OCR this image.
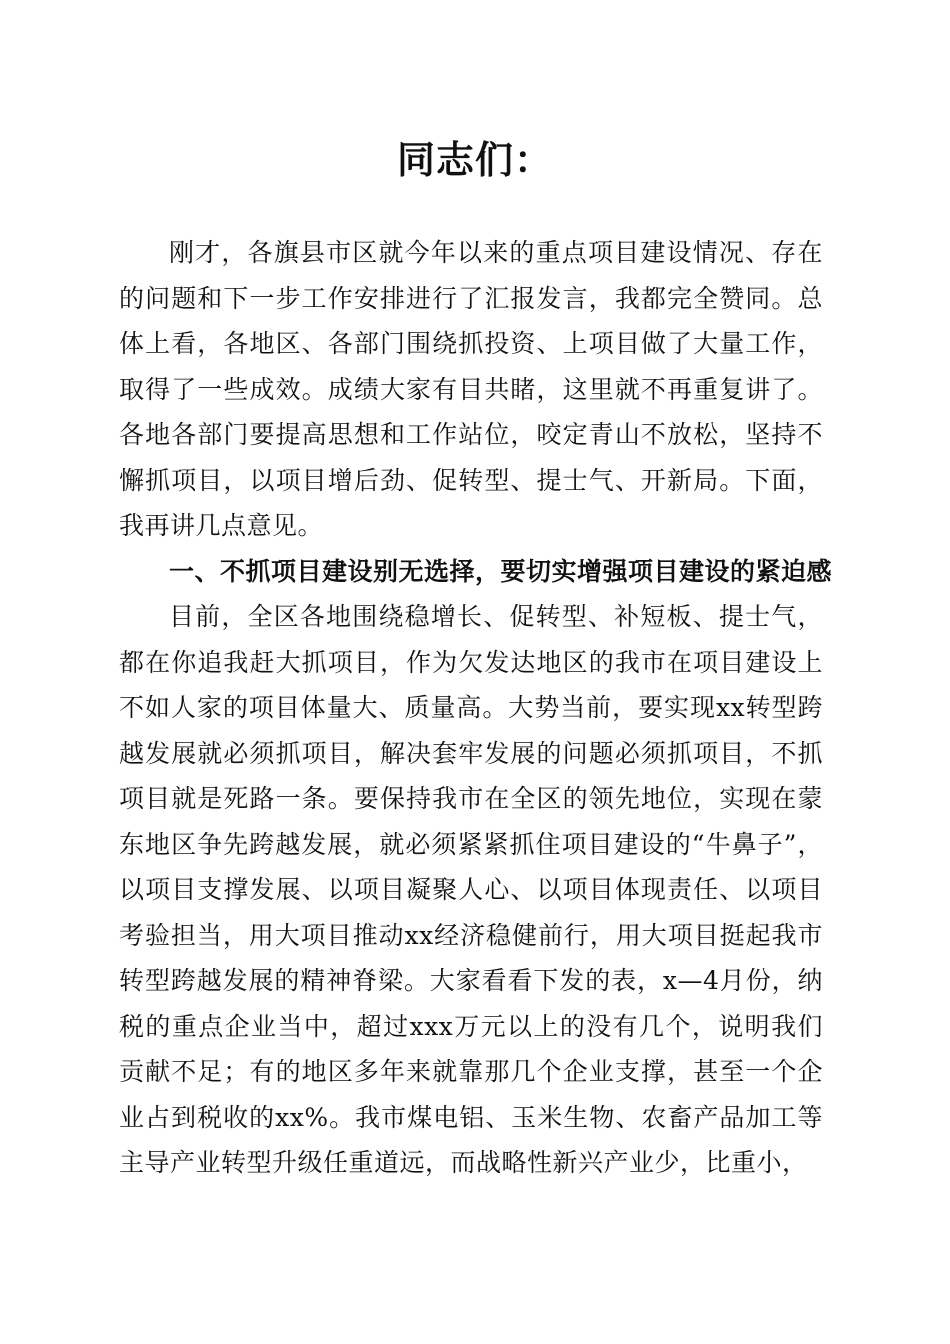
同志们：

刚才，各旗县市区就今年以来的重点项目建设情况、存在的问题和下一步工作安排进行了汇报发言，我都完全赞同。总体上看，各地区、各部门围绕抓投资、上项目做了大量工作，取得了一些成效。成绩大家有目共睹，这里就不再重复讲了。各地各部门要提高思想和工作站位，咬定青山不放松，坚持不懈抓项目，以项目增后劲、促转型、提士气、开新局。下面，我再讲几点意见。

一、不抓项目建设别无选择，要切实增强项目建设的紧迫感

目前，全区各地围绕稳增长、促转型、补短板、提士气，都在你追我赶大抓项目，作为欠发达地区的我市在项目建设上不如人家的项目体量大、质量高。大势当前，要实现xx转型跨越发展就必须抓项目，解决套牢发展的问题必须抓项目，不抓项目就是死路一条。要保持我市在全区的领先地位，实现在蒙东地区争先跨越发展，就必须紧紧抓住项目建设的“牛鼻子”，以项目支撑发展、以项目凝聚人心、以项目体现责任、以项目考验担当，用大项目推动xx经济稳健前行，用大项目挺起我市转型跨越发展的精神脊梁。大家看看下发的表，x—4月份，纳税的重点企业当中，超过xxx万元以上的没有几个，说明我们贡献不足；有的地区多年来就靠那几个企业支撑，甚至一个企业占到税收的xx%。我市煤电铝、玉米生物、农畜产品加工等主导产业转型升级任重道远，而战略性新兴产业少，比重小，
